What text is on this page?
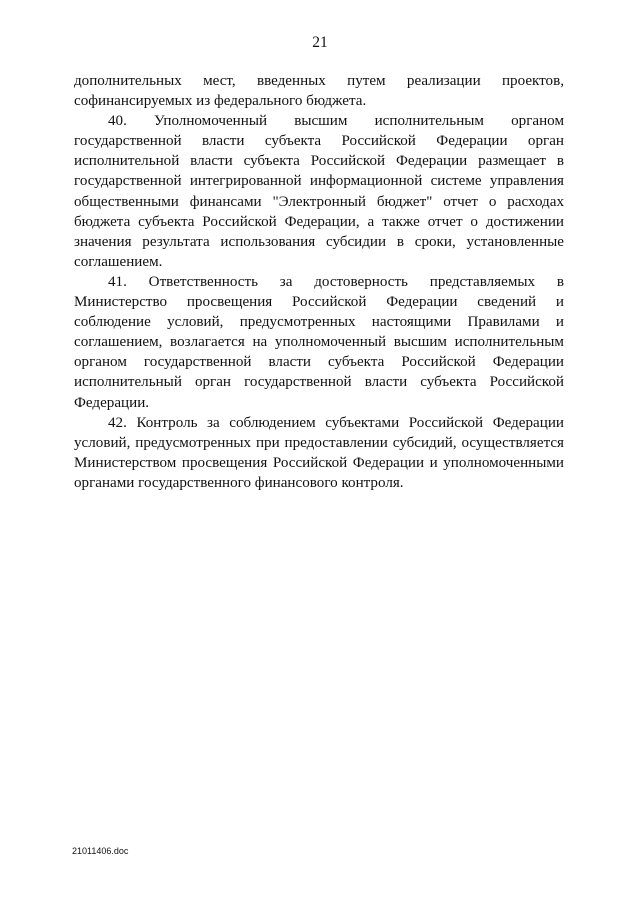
21

дополнительных мест, введенных путем реализации проектов, софинансируемых из федерального бюджета.

40. Уполномоченный высшим исполнительным органом государственной власти субъекта Российской Федерации орган исполнительной власти субъекта Российской Федерации размещает в государственной интегрированной информационной системе управления общественными финансами "Электронный бюджет" отчет о расходах бюджета субъекта Российской Федерации, а также отчет о достижении значения результата использования субсидии в сроки, установленные соглашением.

41. Ответственность за достоверность представляемых в Министерство просвещения Российской Федерации сведений и соблюдение условий, предусмотренных настоящими Правилами и соглашением, возлагается на уполномоченный высшим исполнительным органом государственной власти субъекта Российской Федерации исполнительный орган государственной власти субъекта Российской Федерации.

42. Контроль за соблюдением субъектами Российской Федерации условий, предусмотренных при предоставлении субсидий, осуществляется Министерством просвещения Российской Федерации и уполномоченными органами государственного финансового контроля.

21011406.doc
